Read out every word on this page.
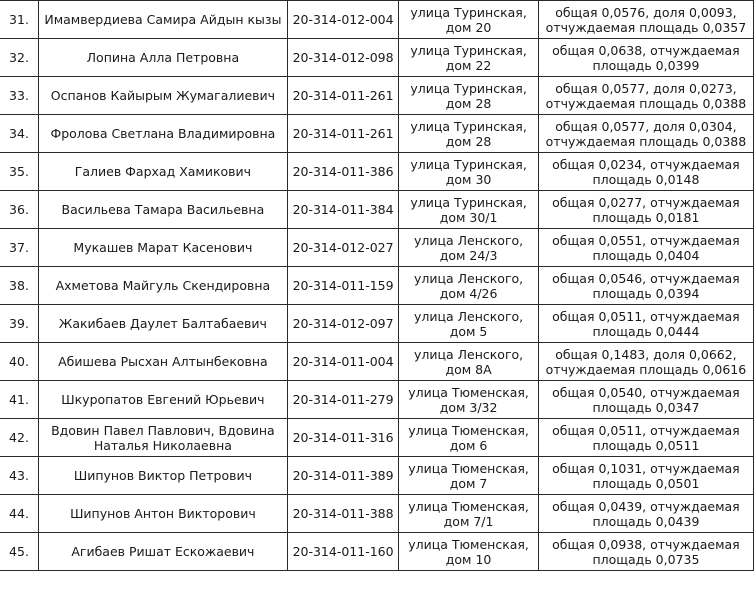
31.	Имамвердиева Самира Айдын кызы	20-314-012-004	улица Туринская, дом 20	общая 0,0576, доля 0,0093, отчуждаемая площадь 0,0357
32.	Лопина Алла Петровна	20-314-012-098	улица Туринская, дом 22	общая 0,0638, отчуждаемая площадь 0,0399
33.	Оспанов Кайырым Жумагалиевич	20-314-011-261	улица Туринская, дом 28	общая 0,0577, доля 0,0273, отчуждаемая площадь 0,0388
34.	Фролова Светлана Владимировна	20-314-011-261	улица Туринская, дом 28	общая 0,0577, доля 0,0304, отчуждаемая площадь 0,0388
35.	Галиев Фархад Хамикович	20-314-011-386	улица Туринская, дом 30	общая 0,0234, отчуждаемая площадь 0,0148
36.	Васильева Тамара Васильевна	20-314-011-384	улица Туринская, дом 30/1	общая 0,0277, отчуждаемая площадь 0,0181
37.	Мукашев Марат Касенович	20-314-012-027	улица Ленского, дом 24/3	общая 0,0551, отчуждаемая площадь 0,0404
38.	Ахметова Майгуль Скендировна	20-314-011-159	улица Ленского, дом 4/26	общая 0,0546, отчуждаемая площадь 0,0394
39.	Жакибаев Даулет Балтабаевич	20-314-012-097	улица Ленского, дом 5	общая 0,0511, отчуждаемая площадь 0,0444
40.	Абишева Рысхан Алтынбековна	20-314-011-004	улица Ленского, дом 8А	общая 0,1483, доля 0,0662, отчуждаемая площадь 0,0616
41.	Шкуропатов Евгений Юрьевич	20-314-011-279	улица Тюменская, дом 3/32	общая 0,0540, отчуждаемая площадь 0,0347
42.	Вдовин Павел Павлович, Вдовина Наталья Николаевна	20-314-011-316	улица Тюменская, дом 6	общая 0,0511, отчуждаемая площадь 0,0511
43.	Шипунов Виктор Петрович	20-314-011-389	улица Тюменская, дом 7	общая 0,1031, отчуждаемая площадь 0,0501
44.	Шипунов Антон Викторович	20-314-011-388	улица Тюменская, дом 7/1	общая 0,0439, отчуждаемая площадь 0,0439
45.	Агибаев Ришат Ескожаевич	20-314-011-160	улица Тюменская, дом 10	общая 0,0938, отчуждаемая площадь 0,0735
